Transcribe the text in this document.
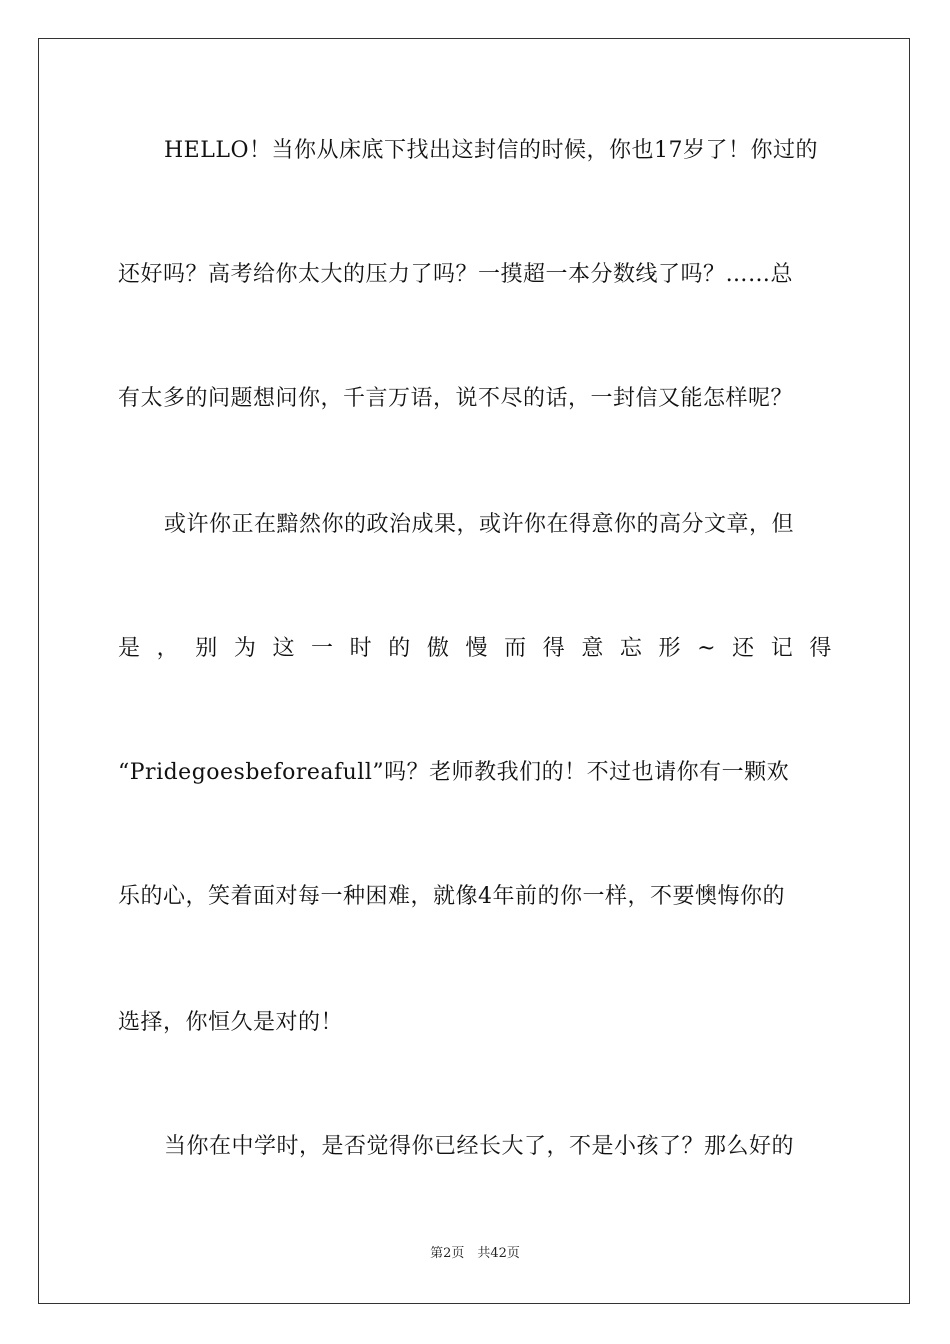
HELLO！当你从床底下找出这封信的时候，你也17岁了！你过的
还好吗？高考给你太大的压力了吗？一摸超一本分数线了吗？……总
有太多的问题想问你，千言万语，说不尽的话，一封信又能怎样呢？
或许你正在黯然你的政治成果，或许你在得意你的高分文章，但
是 ， 别 为 这 一 时 的 傲 慢 而 得 意 忘 形 ~ 还 记 得
“Pridegoesbeforeafull”吗？老师教我们的！不过也请你有一颗欢
乐的心，笑着面对每一种困难，就像4年前的你一样，不要懊悔你的
选择，你恒久是对的！
当你在中学时，是否觉得你已经长大了，不是小孩了？那么好的
第2页　共42页
